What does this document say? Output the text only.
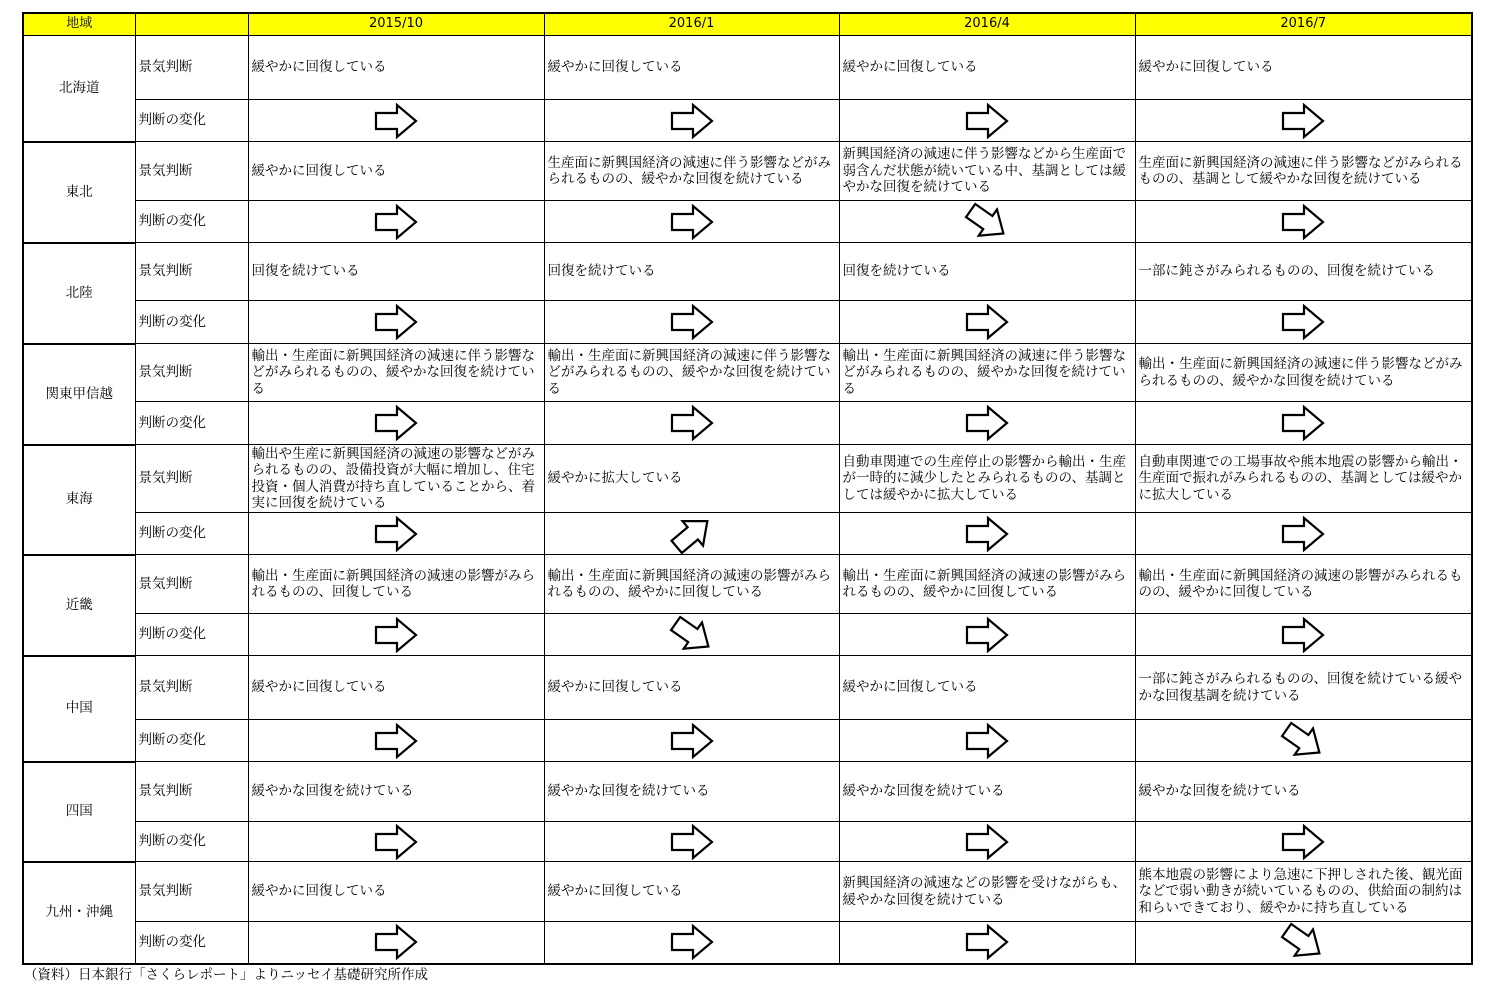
地域		2015/10	2016/1	2016/4	2016/7
北海道	景気判断	緩やかに回復している	緩やかに回復している	緩やかに回復している	緩やかに回復している
	判断の変化				
東北	景気判断	緩やかに回復している	生産面に新興国経済の減速に伴う影響などがみられるものの、緩やかな回復を続けている	新興国経済の減速に伴う影響などから生産面で弱含んだ状態が続いている中、基調としては緩やかな回復を続けている	生産面に新興国経済の減速に伴う影響などがみられるものの、基調として緩やかな回復を続けている
	判断の変化				
北陸	景気判断	回復を続けている	回復を続けている	回復を続けている	一部に鈍さがみられるものの、回復を続けている
	判断の変化				
関東甲信越	景気判断	輸出・生産面に新興国経済の減速に伴う影響などがみられるものの、緩やかな回復を続けている	輸出・生産面に新興国経済の減速に伴う影響などがみられるものの、緩やかな回復を続けている	輸出・生産面に新興国経済の減速に伴う影響などがみられるものの、緩やかな回復を続けている	輸出・生産面に新興国経済の減速に伴う影響などがみられるものの、緩やかな回復を続けている
	判断の変化				
東海	景気判断	輸出や生産に新興国経済の減速の影響などがみられるものの、設備投資が大幅に増加し、住宅投資・個人消費が持ち直していることから、着実に回復を続けている	緩やかに拡大している	自動車関連での生産停止の影響から輸出・生産が一時的に減少したとみられるものの、基調としては緩やかに拡大している	自動車関連での工場事故や熊本地震の影響から輸出・生産面で振れがみられるものの、基調としては緩やかに拡大している
	判断の変化				
近畿	景気判断	輸出・生産面に新興国経済の減速の影響がみられるものの、回復している	輸出・生産面に新興国経済の減速の影響がみられるものの、緩やかに回復している	輸出・生産面に新興国経済の減速の影響がみられるものの、緩やかに回復している	輸出・生産面に新興国経済の減速の影響がみられるものの、緩やかに回復している
	判断の変化				
中国	景気判断	緩やかに回復している	緩やかに回復している	緩やかに回復している	一部に鈍さがみられるものの、回復を続けている緩やかな回復基調を続けている
	判断の変化				
四国	景気判断	緩やかな回復を続けている	緩やかな回復を続けている	緩やかな回復を続けている	緩やかな回復を続けている
	判断の変化				
九州・沖縄	景気判断	緩やかに回復している	緩やかに回復している	新興国経済の減速などの影響を受けながらも、緩やかな回復を続けている	熊本地震の影響により急速に下押しされた後、観光面などで弱い動きが続いているものの、供給面の制約は和らいできており、緩やかに持ち直している
	判断の変化				
（資料）日本銀行「さくらレポート」よりニッセイ基礎研究所作成
